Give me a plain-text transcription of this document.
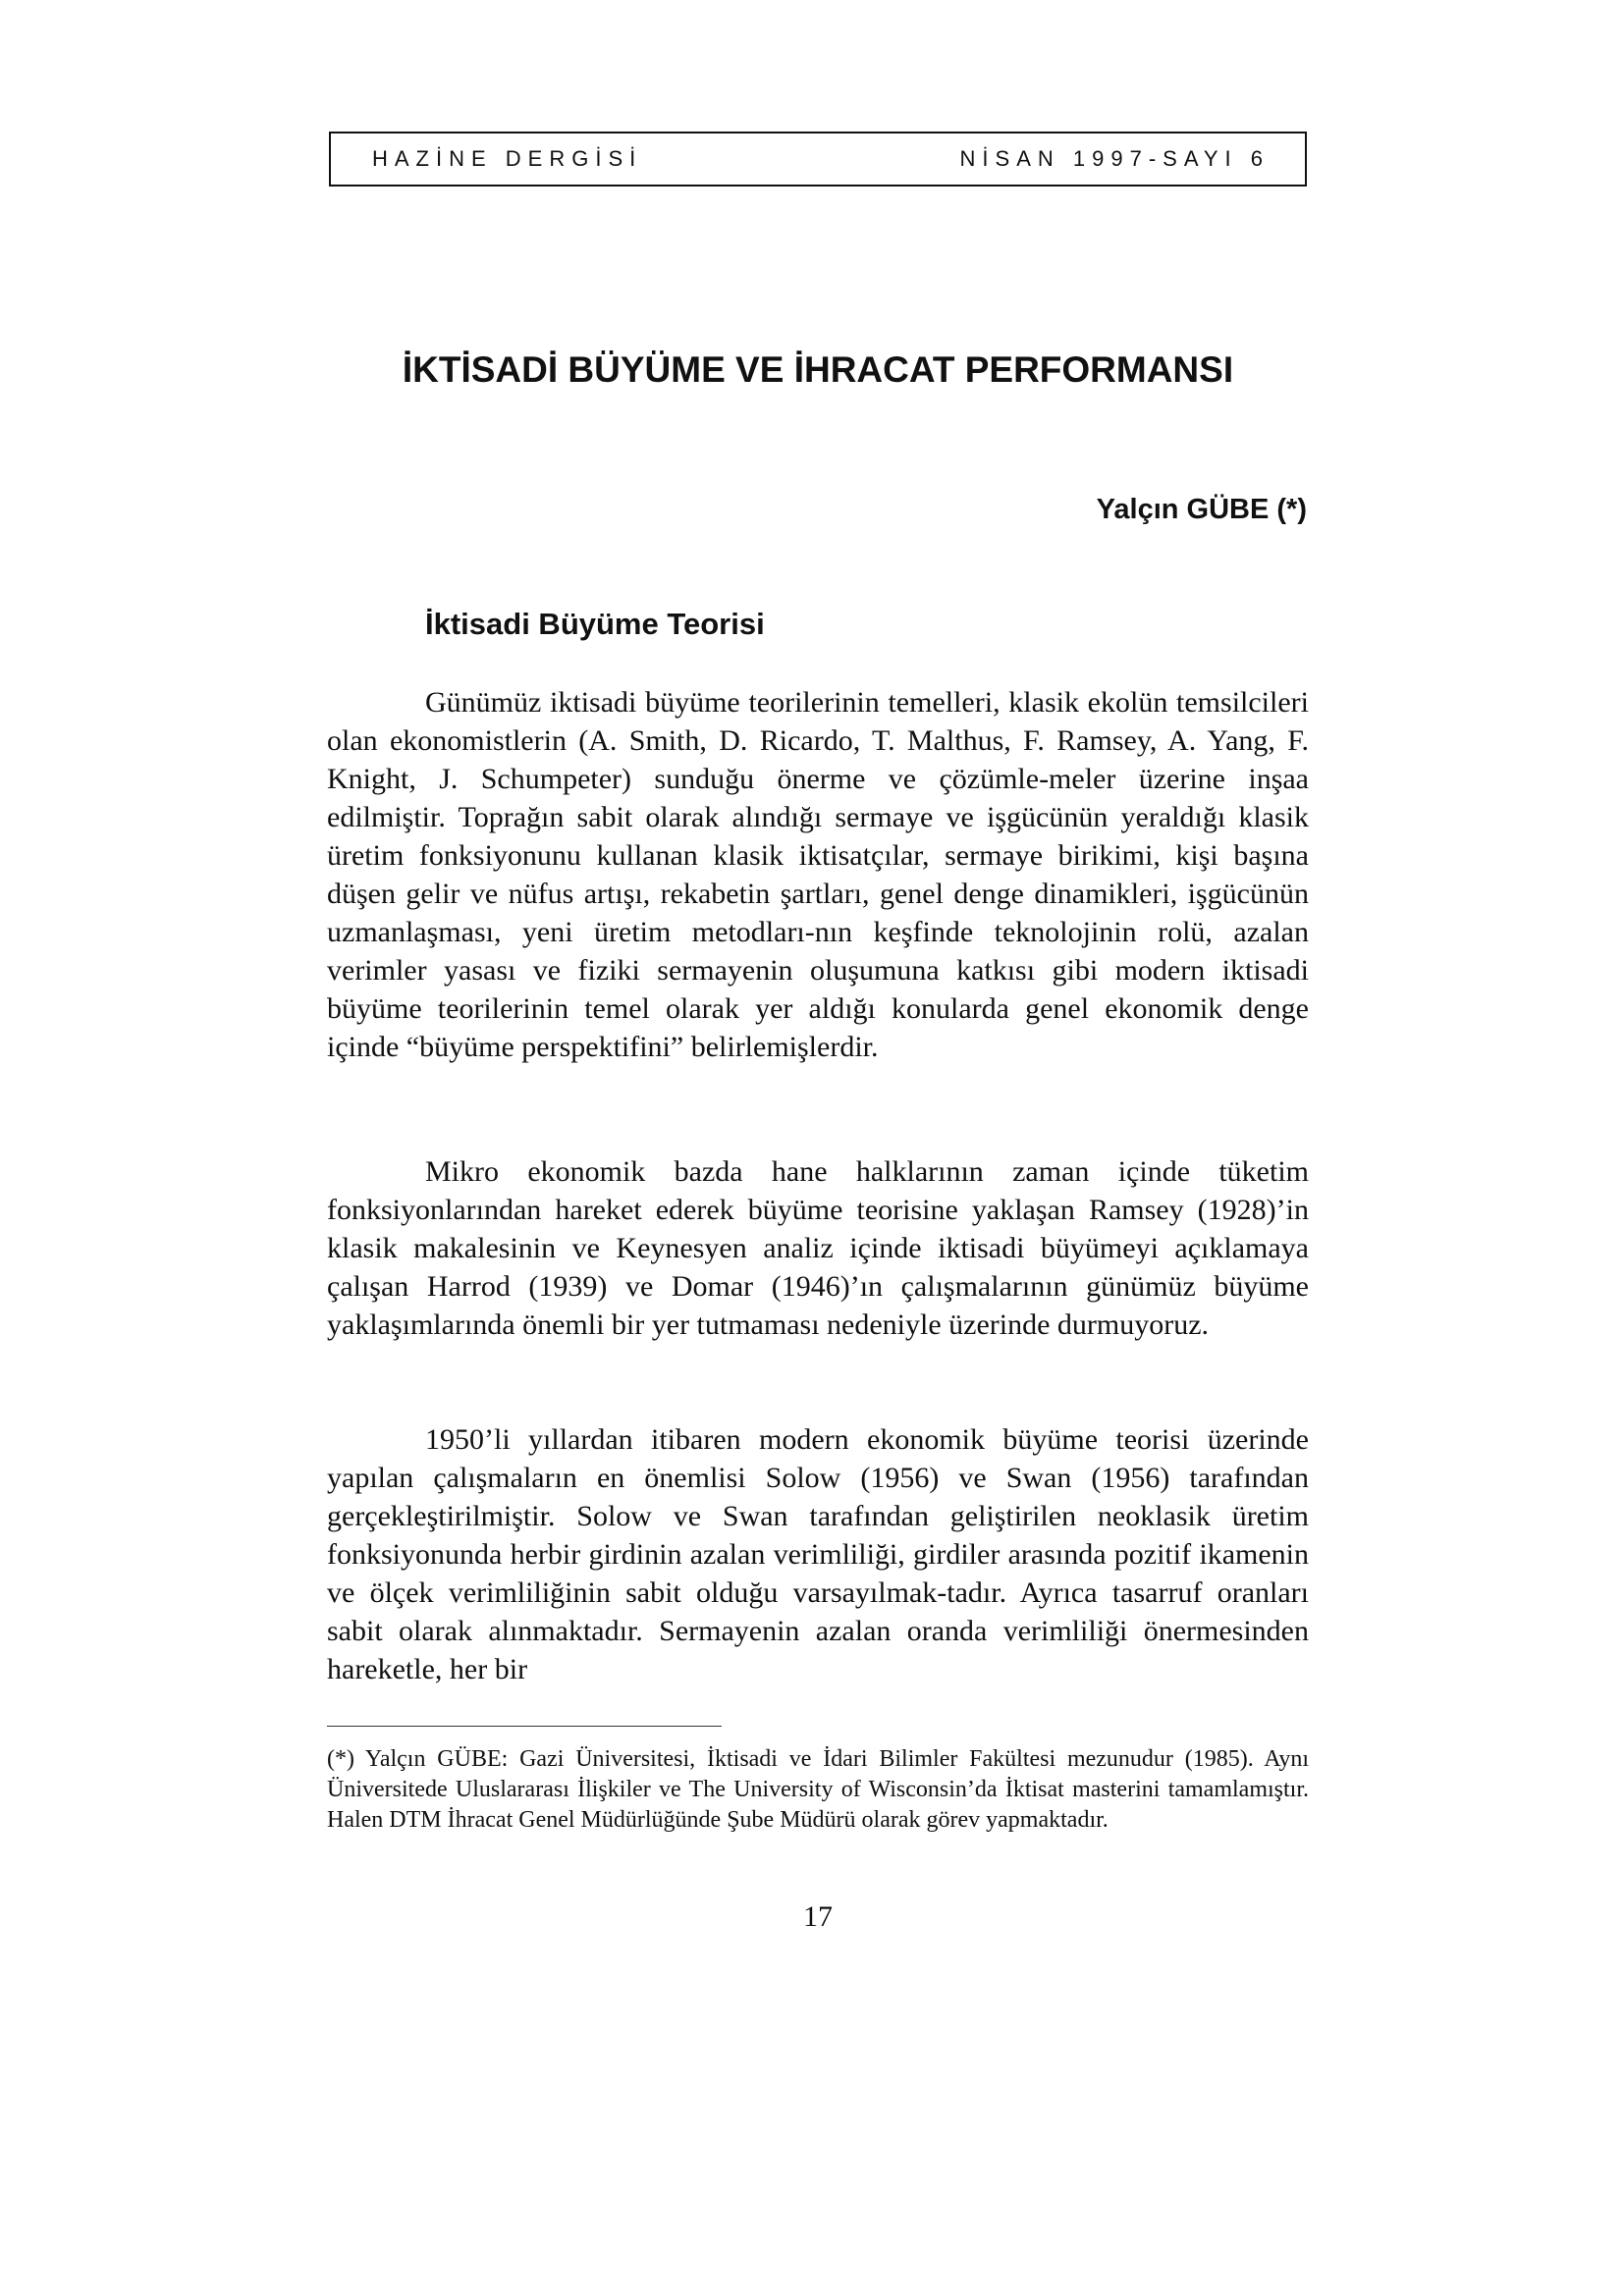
HAZİNE DERGİSİ	NİSAN 1997-SAYI 6
İKTİSADİ BÜYÜME VE İHRACAT PERFORMANSI

Yalçın GÜBE (*)

İktisadi Büyüme Teorisi

Günümüz iktisadi büyüme teorilerinin temelleri, klasik ekolün temsilcileri olan ekonomistlerin (A. Smith, D. Ricardo, T. Malthus, F. Ramsey, A. Yang, F. Knight, J. Schumpeter) sunduğu önerme ve çözümle-meler üzerine inşaa edilmiştir. Toprağın sabit olarak alındığı sermaye ve işgücünün yeraldığı klasik üretim fonksiyonunu kullanan klasik iktisatçılar, sermaye birikimi, kişi başına düşen gelir ve nüfus artışı, rekabetin şartları, genel denge dinamikleri, işgücünün uzmanlaşması, yeni üretim metodları-nın keşfinde teknolojinin rolü, azalan verimler yasası ve fiziki sermayenin oluşumuna katkısı gibi modern iktisadi büyüme teorilerinin temel olarak yer aldığı konularda genel ekonomik denge içinde “büyüme perspektifini” belirlemişlerdir.

Mikro ekonomik bazda hane halklarının zaman içinde tüketim fonksiyonlarından hareket ederek büyüme teorisine yaklaşan Ramsey (1928)’in klasik makalesinin ve Keynesyen analiz içinde iktisadi büyümeyi açıklamaya çalışan Harrod (1939) ve Domar (1946)’ın çalışmalarının günümüz büyüme yaklaşımlarında önemli bir yer tutmaması nedeniyle üzerinde durmuyoruz.

1950’li yıllardan itibaren modern ekonomik büyüme teorisi üzerinde yapılan çalışmaların en önemlisi Solow (1956) ve Swan (1956) tarafından gerçekleştirilmiştir. Solow ve Swan tarafından geliştirilen neoklasik üretim fonksiyonunda herbir girdinin azalan verimliliği, girdiler arasında pozitif ikamenin ve ölçek verimliliğinin sabit olduğu varsayılmak-tadır. Ayrıca tasarruf oranları sabit olarak alınmaktadır. Sermayenin azalan oranda verimliliği önermesinden hareketle, her bir

(*) Yalçın GÜBE: Gazi Üniversitesi, İktisadi ve İdari Bilimler Fakültesi mezunudur (1985). Aynı Üniversitede Uluslararası İlişkiler ve The University of Wisconsin’da İktisat masterini tamamlamıştır. Halen DTM İhracat Genel Müdürlüğünde Şube Müdürü olarak görev yapmaktadır.

17
